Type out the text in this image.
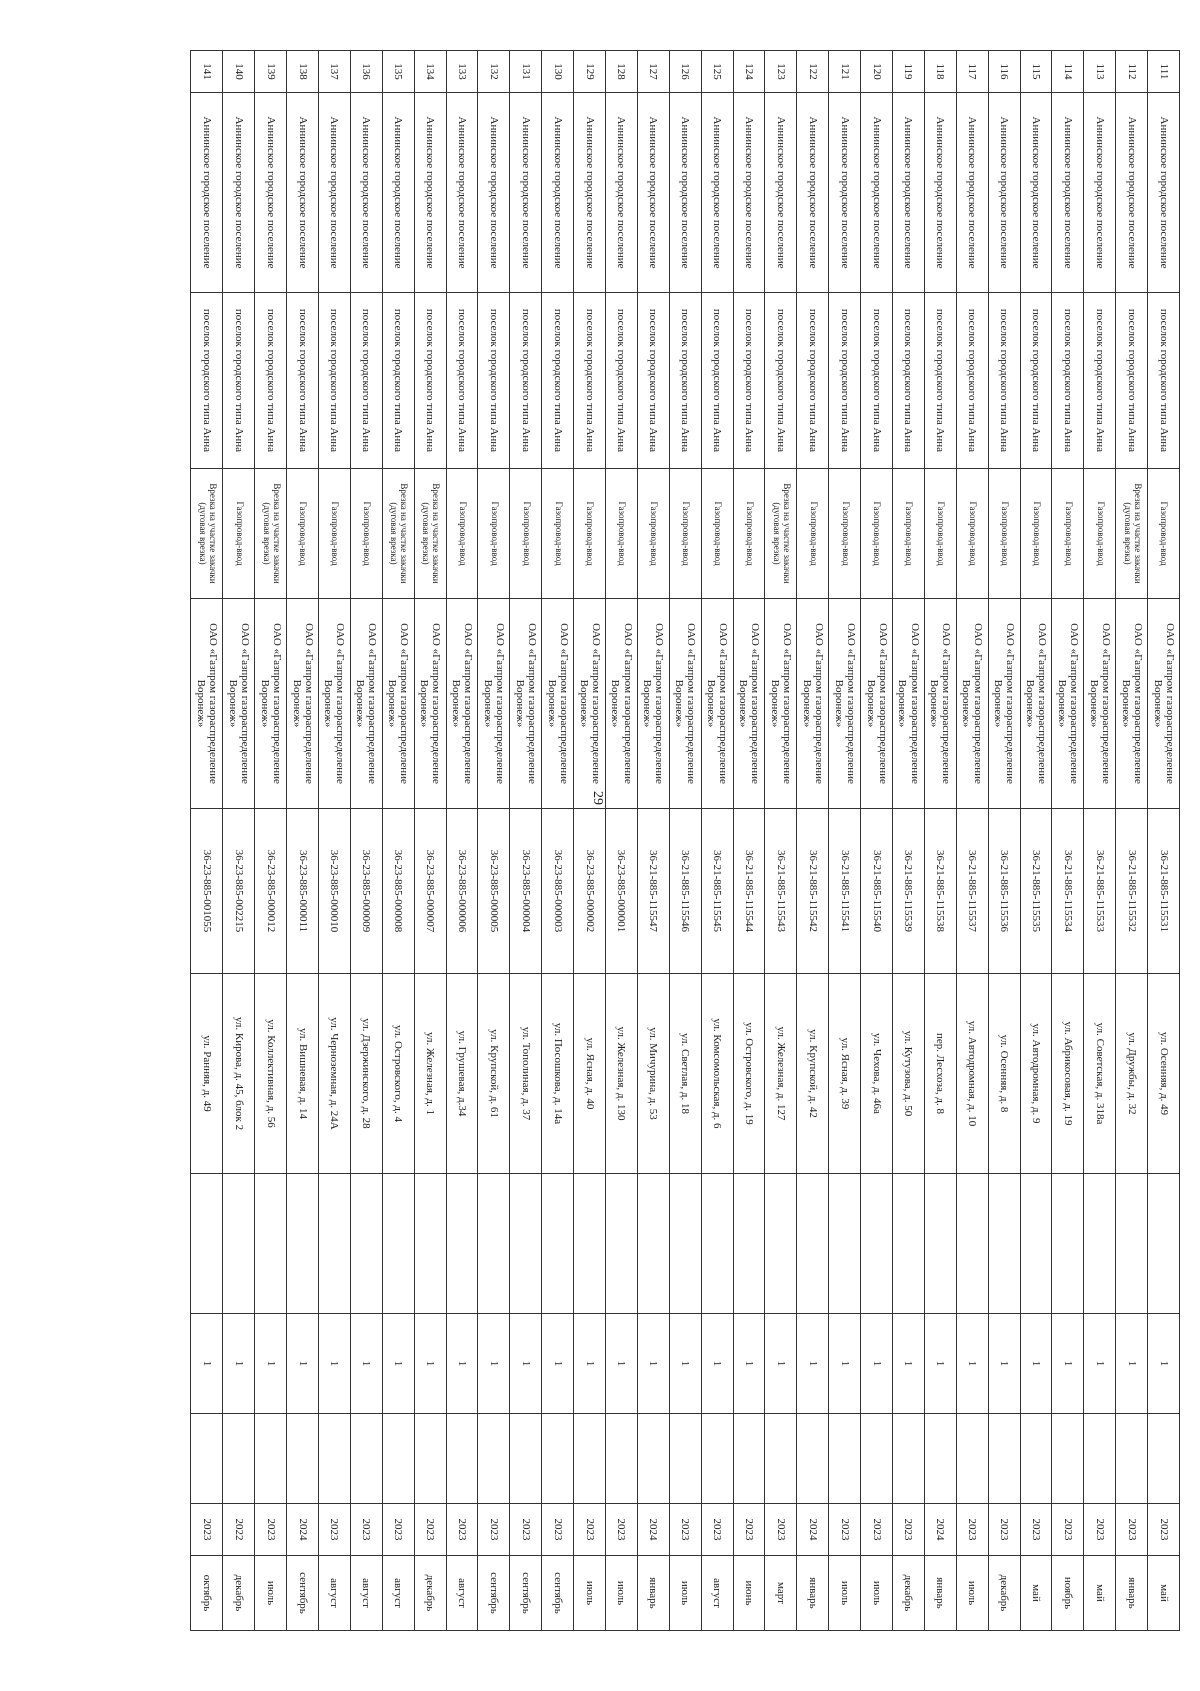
29
111	Аннинское городское поселение	поселок городского типа Анна	Газопровод-ввод	ОАО «Газпром газораспределение Воронеж»	36-21-885-115531	ул. Осенняя, д. 49		1		2023	май
112	Аннинское городское поселение	поселок городского типа Анна	Врезка на участке закачки (дуговая врезка)	ОАО «Газпром газораспределение Воронеж»	36-21-885-115532	ул. Дружбы, д. 32		1		2023	январь
113	Аннинское городское поселение	поселок городского типа Анна	Газопровод-ввод	ОАО «Газпром газораспределение Воронеж»	36-21-885-115533	ул. Советская, д. 318а		1		2023	май
114	Аннинское городское поселение	поселок городского типа Анна	Газопровод-ввод	ОАО «Газпром газораспределение Воронеж»	36-21-885-115534	ул. Абрикосовая, д. 19		1		2023	ноябрь
115	Аннинское городское поселение	поселок городского типа Анна	Газопровод-ввод	ОАО «Газпром газораспределение Воронеж»	36-21-885-115535	ул. Автодромная, д. 9		1		2023	май
116	Аннинское городское поселение	поселок городского типа Анна	Газопровод-ввод	ОАО «Газпром газораспределение Воронеж»	36-21-885-115536	ул. Осенняя, д. 8		1		2023	декабрь
117	Аннинское городское поселение	поселок городского типа Анна	Газопровод-ввод	ОАО «Газпром газораспределение Воронеж»	36-21-885-115537	ул. Автодромная, д. 10		1		2023	июль
118	Аннинское городское поселение	поселок городского типа Анна	Газопровод-ввод	ОАО «Газпром газораспределение Воронеж»	36-21-885-115538	пер. Лесхоза, д. 8		1		2024	январь
119	Аннинское городское поселение	поселок городского типа Анна	Газопровод-ввод	ОАО «Газпром газораспределение Воронеж»	36-21-885-115539	ул. Кутузова, д. 50		1		2023	декабрь
120	Аннинское городское поселение	поселок городского типа Анна	Газопровод-ввод	ОАО «Газпром газораспределение Воронеж»	36-21-885-115540	ул. Чехова, д. 46а		1		2023	июль
121	Аннинское городское поселение	поселок городского типа Анна	Газопровод-ввод	ОАО «Газпром газораспределение Воронеж»	36-21-885-115541	ул. Ясная, д. 39		1		2023	июль
122	Аннинское городское поселение	поселок городского типа Анна	Газопровод-ввод	ОАО «Газпром газораспределение Воронеж»	36-21-885-115542	ул. Крупской, д. 42		1		2024	январь
123	Аннинское городское поселение	поселок городского типа Анна	Врезка на участке закачки (дуговая врезка)	ОАО «Газпром газораспределение Воронеж»	36-21-885-115543	ул. Железная, д. 127		1		2023	март
124	Аннинское городское поселение	поселок городского типа Анна	Газопровод-ввод	ОАО «Газпром газораспределение Воронеж»	36-21-885-115544	ул. Островского, д. 19		1		2023	июнь
125	Аннинское городское поселение	поселок городского типа Анна	Газопровод-ввод	ОАО «Газпром газораспределение Воронеж»	36-21-885-115545	ул. Комсомольская, д. 6		1		2023	август
126	Аннинское городское поселение	поселок городского типа Анна	Газопровод-ввод	ОАО «Газпром газораспределение Воронеж»	36-21-885-115546	ул. Светлая, д. 18		1		2023	июль
127	Аннинское городское поселение	поселок городского типа Анна	Газопровод-ввод	ОАО «Газпром газораспределение Воронеж»	36-21-885-115547	ул. Мичурина, д. 53		1		2024	январь
128	Аннинское городское поселение	поселок городского типа Анна	Газопровод-ввод	ОАО «Газпром газораспределение Воронеж»	36-23-885-000001	ул. Железная, д. 130		1		2023	июль
129	Аннинское городское поселение	поселок городского типа Анна	Газопровод-ввод	ОАО «Газпром газораспределение Воронеж»	36-23-885-000002	ул. Ясная, д. 40		1		2023	июль
130	Аннинское городское поселение	поселок городского типа Анна	Газопровод-ввод	ОАО «Газпром газораспределение Воронеж»	36-23-885-000003	ул. Посошкова, д. 14а		1		2023	сентябрь
131	Аннинское городское поселение	поселок городского типа Анна	Газопровод-ввод	ОАО «Газпром газораспределение Воронеж»	36-23-885-000004	ул. Тополиная, д. 37		1		2023	сентябрь
132	Аннинское городское поселение	поселок городского типа Анна	Газопровод-ввод	ОАО «Газпром газораспределение Воронеж»	36-23-885-000005	ул. Крупской, д. 61		1		2023	сентябрь
133	Аннинское городское поселение	поселок городского типа Анна	Газопровод-ввод	ОАО «Газпром газораспределение Воронеж»	36-23-885-000006	ул. Грушевая, д.34		1		2023	август
134	Аннинское городское поселение	поселок городского типа Анна	Врезка на участке закачки (дуговая врезка)	ОАО «Газпром газораспределение Воронеж»	36-23-885-000007	ул. Железная, д. 1		1		2023	декабрь
135	Аннинское городское поселение	поселок городского типа Анна	Врезка на участке закачки (дуговая врезка)	ОАО «Газпром газораспределение Воронеж»	36-23-885-000008	ул. Островского, д. 4		1		2023	август
136	Аннинское городское поселение	поселок городского типа Анна	Газопровод-ввод	ОАО «Газпром газораспределение Воронеж»	36-23-885-000009	ул. Дзержинского, д. 28		1		2023	август
137	Аннинское городское поселение	поселок городского типа Анна	Газопровод-ввод	ОАО «Газпром газораспределение Воронеж»	36-23-885-000010	ул. Черноземная, д. 24А		1		2023	август
138	Аннинское городское поселение	поселок городского типа Анна	Газопровод-ввод	ОАО «Газпром газораспределение Воронеж»	36-23-885-000011	ул. Вишневая, д. 14		1		2024	сентябрь
139	Аннинское городское поселение	поселок городского типа Анна	Врезка на участке закачки (дуговая врезка)	ОАО «Газпром газораспределение Воронеж»	36-23-885-000012	ул. Коллективная, д. 56		1		2023	июль
140	Аннинское городское поселение	поселок городского типа Анна	Газопровод-ввод	ОАО «Газпром газораспределение Воронеж»	36-23-885-002215	ул. Кирова, д. 45, блок 2		1		2022	декабрь
141	Аннинское городское поселение	поселок городского типа Анна	Врезка на участке закачки (дуговая врезка)	ОАО «Газпром газораспределение Воронеж»	36-23-885-001055	ул. Ранняя, д. 49		1		2023	октябрь
